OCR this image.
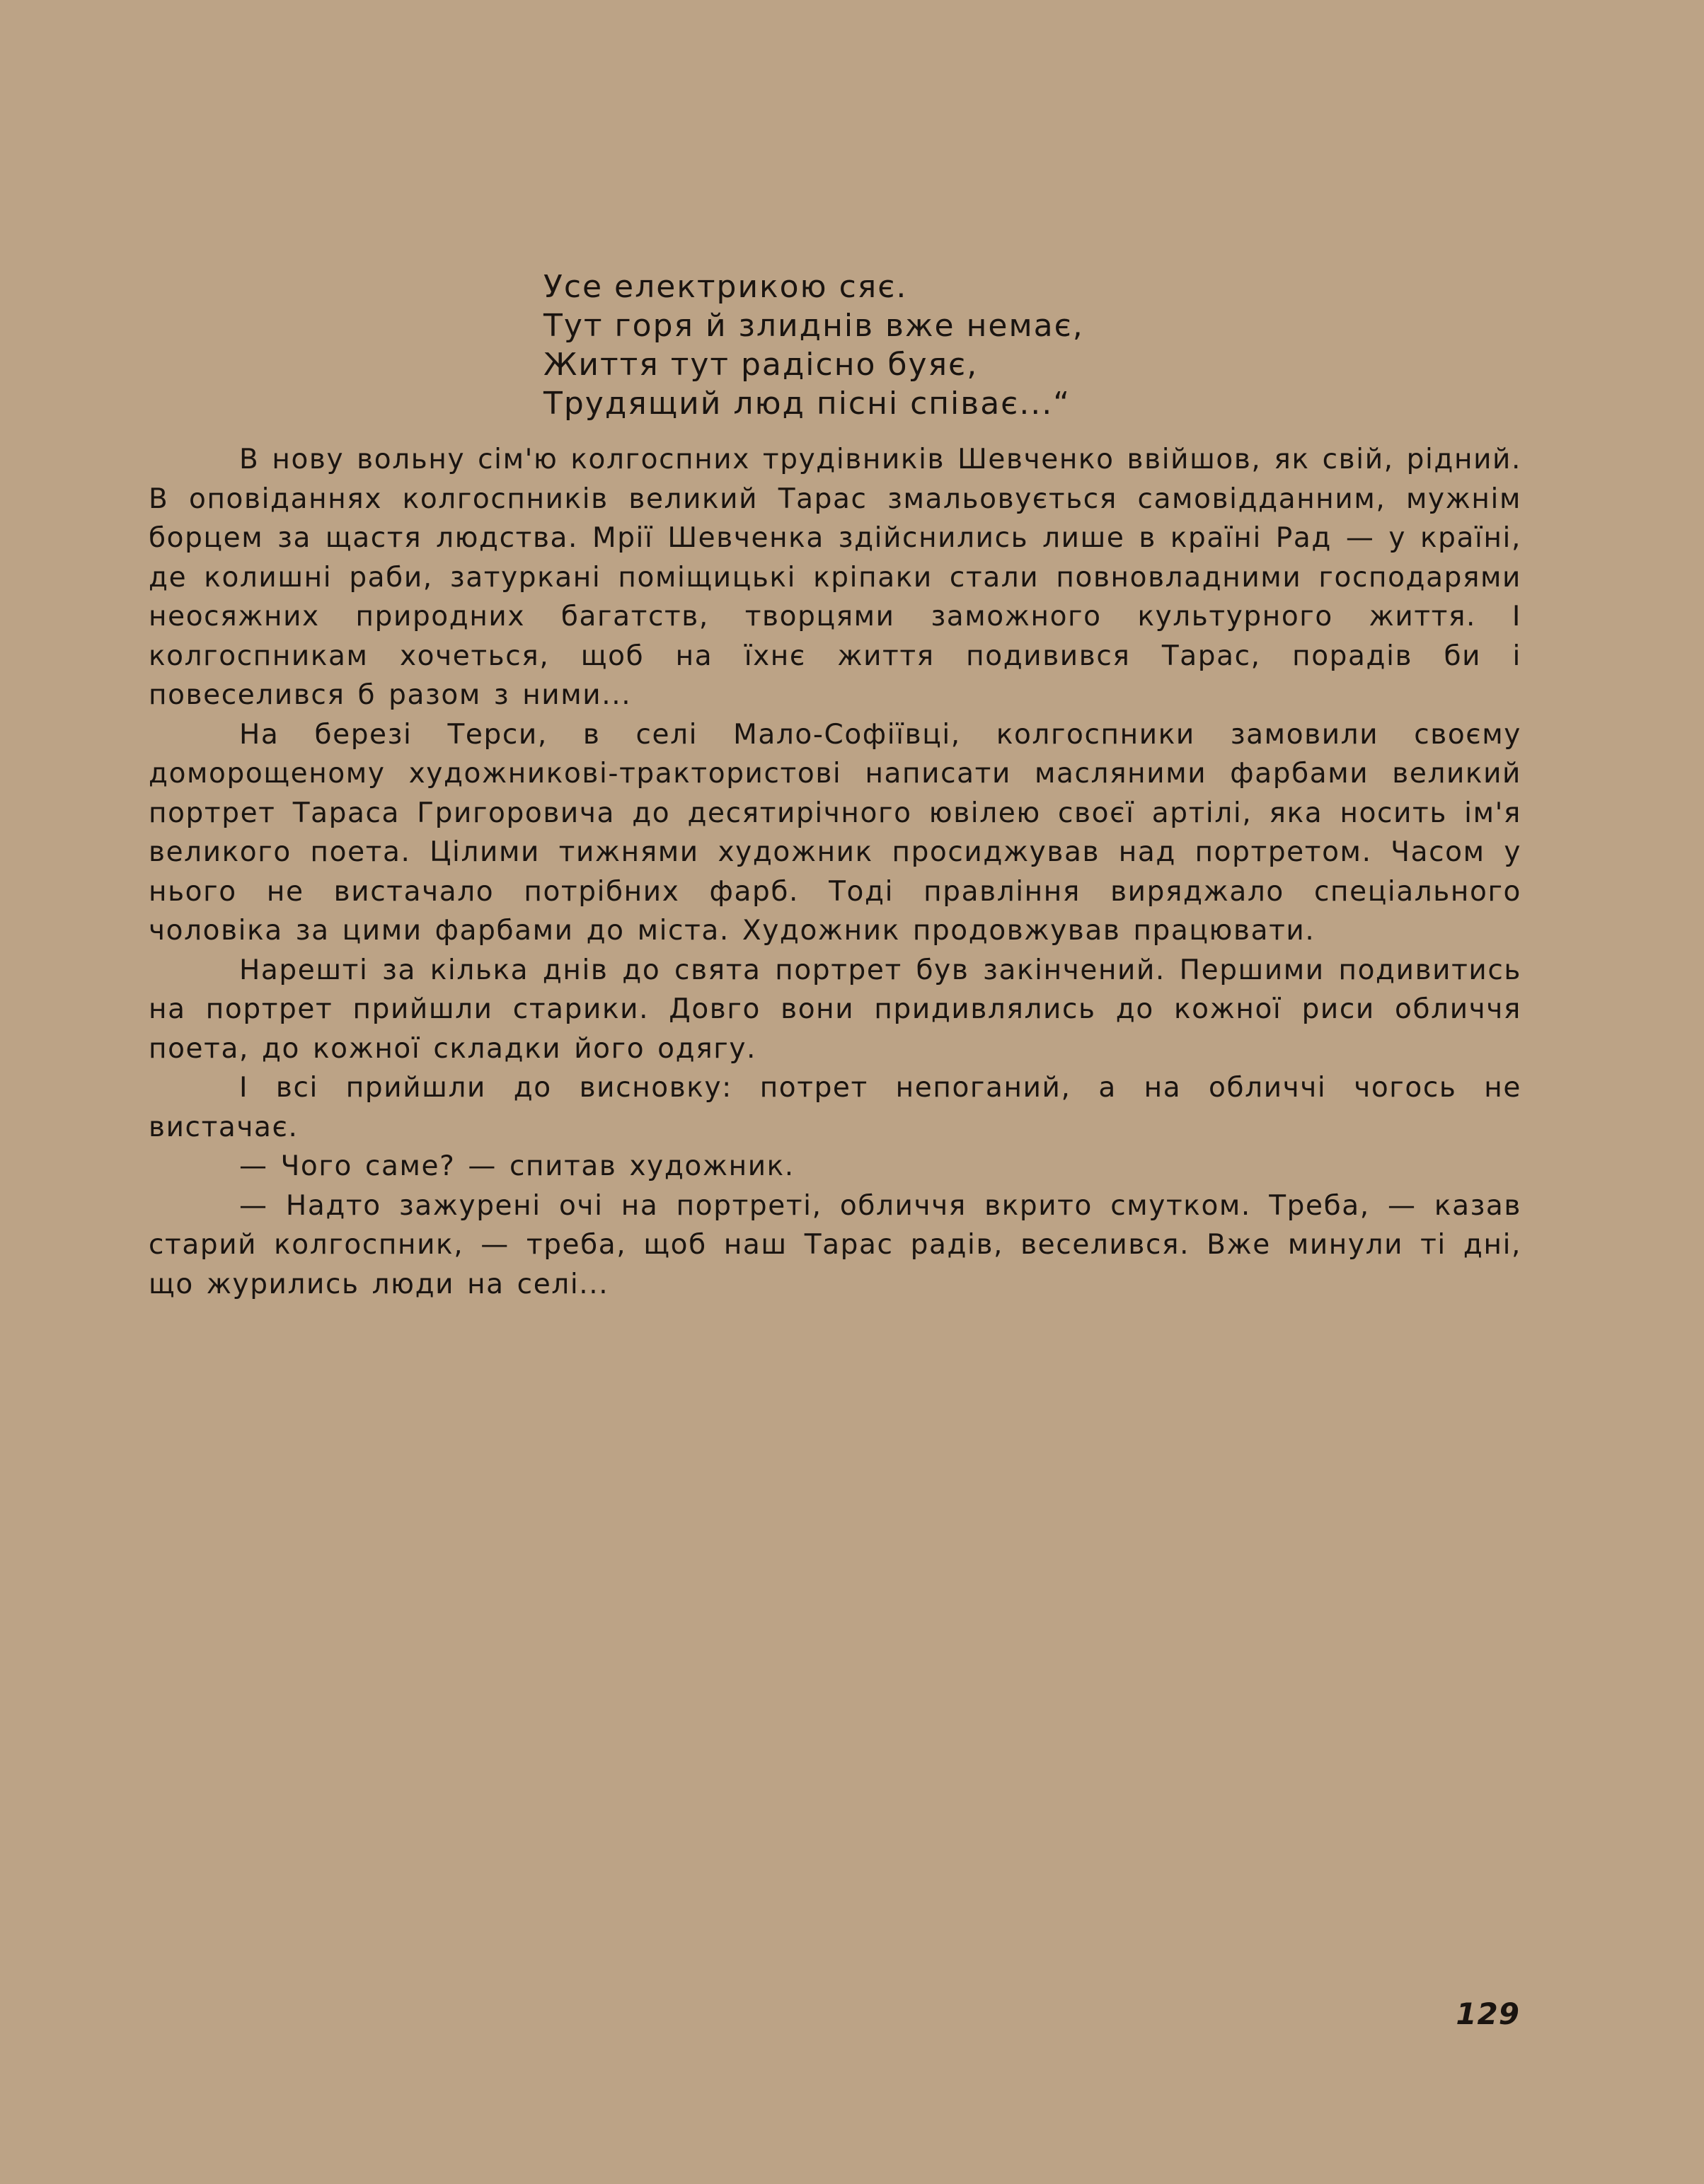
Усе електрикою сяє.
Тут горя й злиднів вже немає,
Життя тут радісно буяє,
Трудящий люд пісні співає...“

В нову вольну сім'ю колгоспних трудівників Шевченко ввійшов, як свій, рідний. В оповіданнях колгоспників великий Тарас змальовується самовідданним, мужнім борцем за щастя людства. Мрії Шевченка здійснились лише в країні Рад — у країні, де колишні раби, затуркані поміщицькі кріпаки стали повновладними господарями неосяжних природних багатств, творцями заможного культурного життя. І колгоспникам хочеться, щоб на їхнє життя подивився Тарас, порадів би і повеселився б разом з ними...

На березі Терси, в селі Мало-Софіївці, колгоспники замовили своєму доморощеному художникові-трактористові написати масляними фарбами великий портрет Тараса Григоровича до десятирічного ювілею своєї артілі, яка носить ім'я великого поета. Цілими тижнями художник просиджував над портретом. Часом у нього не вистачало потрібних фарб. Тоді правління виряджало спеціального чоловіка за цими фарбами до міста. Художник продовжував працювати.

Нарешті за кілька днів до свята портрет був закінчений. Першими подивитись на портрет прийшли старики. Довго вони придивлялись до кожної риси обличчя поета, до кожної складки його одягу.

І всі прийшли до висновку: потрет непоганий, а на обличчі чогось не вистачає.

— Чого саме? — спитав художник.

— Надто зажурені очі на портреті, обличчя вкрито смутком. Треба, — казав старий колгоспник, — треба, щоб наш Тарас радів, веселився. Вже минули ті дні, що журились люди на селі...

129
